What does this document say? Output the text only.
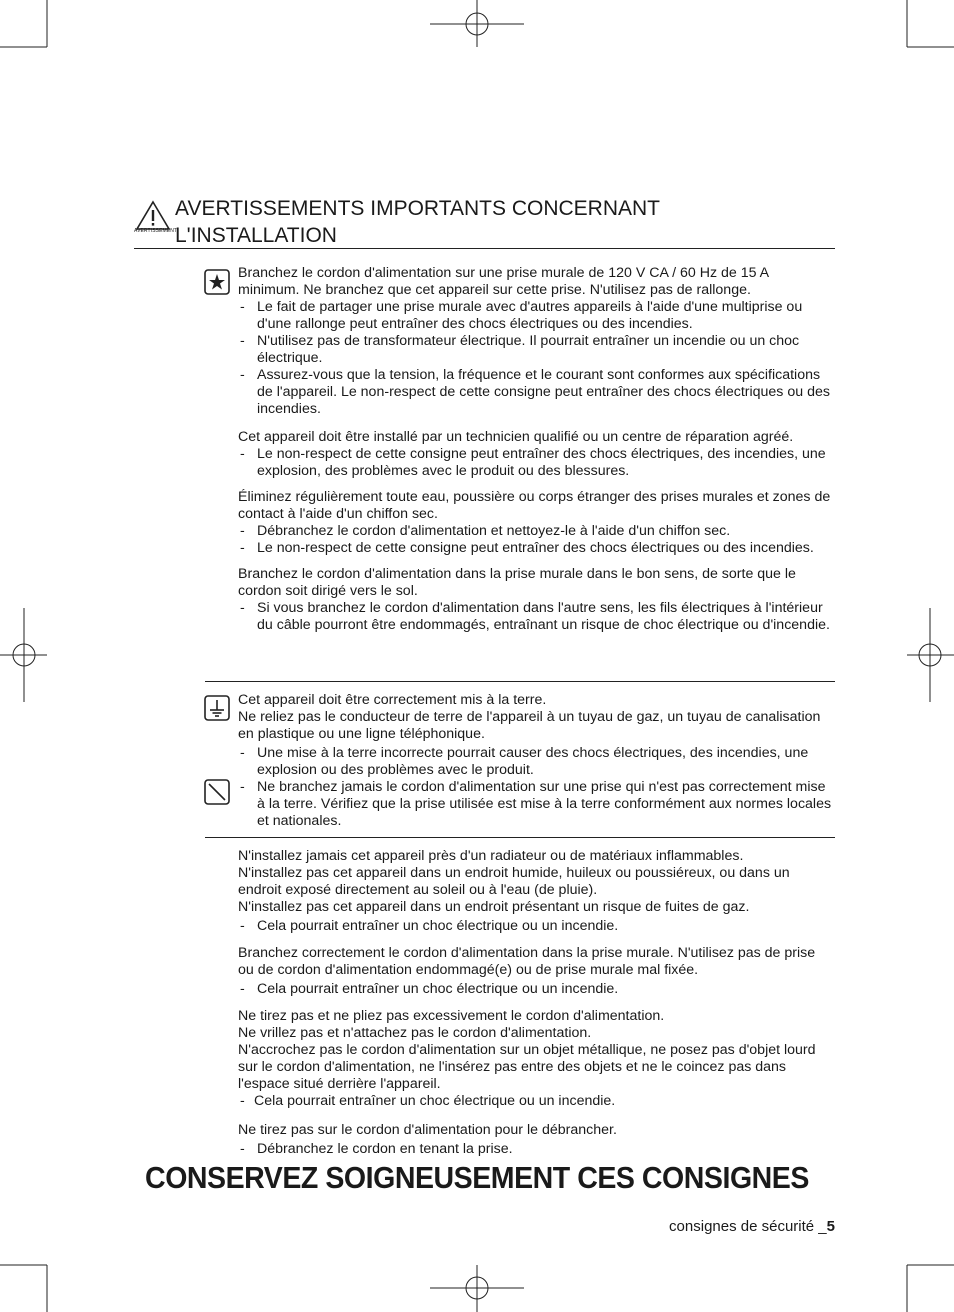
AVERTISSEMENT
AVERTISSEMENTS IMPORTANTS CONCERNANT L'INSTALLATION

Branchez le cordon d'alimentation sur une prise murale de 120 V CA / 60 Hz de 15 A minimum. Ne branchez que cet appareil sur cette prise. N'utilisez pas de rallonge.

- Le fait de partager une prise murale avec d'autres appareils à l'aide d'une multiprise ou d'une rallonge peut entraîner des chocs électriques ou des incendies.
- N'utilisez pas de transformateur électrique. Il pourrait entraîner un incendie ou un choc électrique.
- Assurez-vous que la tension, la fréquence et le courant sont conformes aux spécifications de l'appareil. Le non-respect de cette consigne peut entraîner des chocs électriques ou des incendies.

Cet appareil doit être installé par un technicien qualifié ou un centre de réparation agréé.

- Le non-respect de cette consigne peut entraîner des chocs électriques, des incendies, une explosion, des problèmes avec le produit ou des blessures.

Éliminez régulièrement toute eau, poussière ou corps étranger des prises murales et zones de contact à l'aide d'un chiffon sec.

- Débranchez le cordon d'alimentation et nettoyez-le à l'aide d'un chiffon sec.
- Le non-respect de cette consigne peut entraîner des chocs électriques ou des incendies.

Branchez le cordon d'alimentation dans la prise murale dans le bon sens, de sorte que le cordon soit dirigé vers le sol.

- Si vous branchez le cordon d'alimentation dans l'autre sens, les fils électriques à l'intérieur du câble pourront être endommagés, entraînant un risque de choc électrique ou d'incendie.

Cet appareil doit être correctement mis à la terre.

Ne reliez pas le conducteur de terre de l'appareil à un tuyau de gaz, un tuyau de canalisation en plastique ou une ligne téléphonique.

- Une mise à la terre incorrecte pourrait causer des chocs électriques, des incendies, une explosion ou des problèmes avec le produit.
- Ne branchez jamais le cordon d'alimentation sur une prise qui n'est pas correctement mise à la terre. Vérifiez que la prise utilisée est mise à la terre conformément aux normes locales et nationales.

N'installez jamais cet appareil près d'un radiateur ou de matériaux inflammables.

N'installez pas cet appareil dans un endroit humide, huileux ou poussiéreux, ou dans un endroit exposé directement au soleil ou à l'eau (de pluie).

N'installez pas cet appareil dans un endroit présentant un risque de fuites de gaz.

- Cela pourrait entraîner un choc électrique ou un incendie.

Branchez correctement le cordon d'alimentation dans la prise murale. N'utilisez pas de prise ou de cordon d'alimentation endommagé(e) ou de prise murale mal fixée.

- Cela pourrait entraîner un choc électrique ou un incendie.

Ne tirez pas et ne pliez pas excessivement le cordon d'alimentation.

Ne vrillez pas et n'attachez pas le cordon d'alimentation.

N'accrochez pas le cordon d'alimentation sur un objet métallique, ne posez pas d'objet lourd sur le cordon d'alimentation, ne l'insérez pas entre des objets et ne le coincez pas dans l'espace situé derrière l'appareil.

- Cela pourrait entraîner un choc électrique ou un incendie.

Ne tirez pas sur le cordon d'alimentation pour le débrancher.

- Débranchez le cordon en tenant la prise.
CONSERVEZ SOIGNEUSEMENT CES CONSIGNES
consignes de sécurité _5
